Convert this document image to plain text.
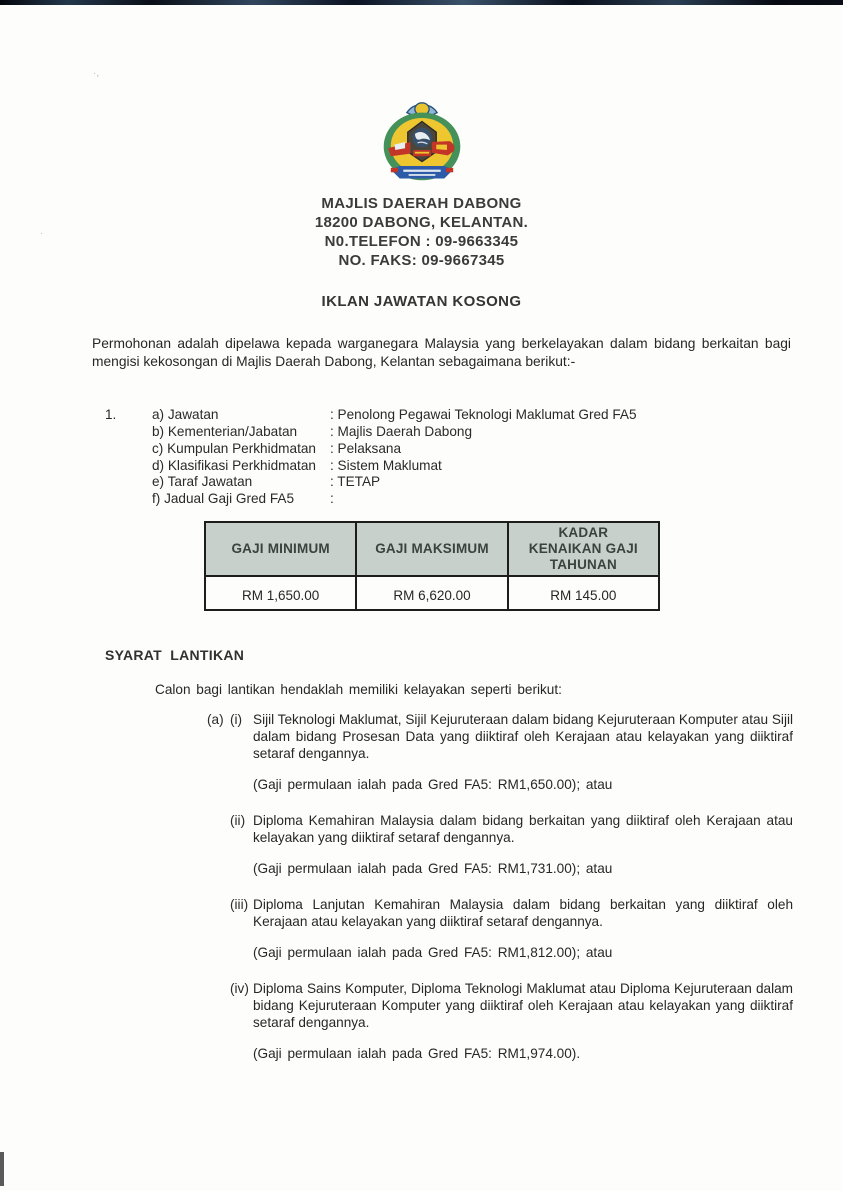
·,
·
MAJLIS DAERAH DABONG
18200 DABONG, KELANTAN.
N0.TELEFON : 09-9663345
NO. FAKS: 09-9667345
IKLAN JAWATAN KOSONG
Permohonan adalah dipelawa kepada warganegara Malaysia yang berkelayakan dalam bidang berkaitan bagi mengisi kekosongan di Majlis Daerah Dabong, Kelantan sebagaimana berikut:-
1.	a) Jawatan	: Penolong Pegawai Teknologi Maklumat Gred FA5
b) Kementerian/Jabatan	: Majlis Daerah Dabong
c) Kumpulan Perkhidmatan	: Pelaksana
d) Klasifikasi Perkhidmatan	: Sistem Maklumat
e) Taraf Jawatan	: TETAP
f) Jadual Gaji Gred FA5	:
GAJI MINIMUM	GAJI MAKSIMUM	KADAR KENAIKAN GAJI TAHUNAN
RM 1,650.00	RM 6,620.00	RM 145.00
SYARAT LANTIKAN
Calon bagi lantikan hendaklah memiliki kelayakan seperti berikut:
(a) (i) Sijil Teknologi Maklumat, Sijil Kejuruteraan dalam bidang Kejuruteraan Komputer atau Sijil dalam bidang Prosesan Data yang diiktiraf oleh Kerajaan atau kelayakan yang diiktiraf setaraf dengannya.
(Gaji permulaan ialah pada Gred FA5: RM1,650.00); atau
(ii) Diploma Kemahiran Malaysia dalam bidang berkaitan yang diiktiraf oleh Kerajaan atau kelayakan yang diiktiraf setaraf dengannya.
(Gaji permulaan ialah pada Gred FA5: RM1,731.00); atau
(iii) Diploma Lanjutan Kemahiran Malaysia dalam bidang berkaitan yang diiktiraf oleh Kerajaan atau kelayakan yang diiktiraf setaraf dengannya.
(Gaji permulaan ialah pada Gred FA5: RM1,812.00); atau
(iv) Diploma Sains Komputer, Diploma Teknologi Maklumat atau Diploma Kejuruteraan dalam bidang Kejuruteraan Komputer yang diiktiraf oleh Kerajaan atau kelayakan yang diiktiraf setaraf dengannya.
(Gaji permulaan ialah pada Gred FA5: RM1,974.00).
